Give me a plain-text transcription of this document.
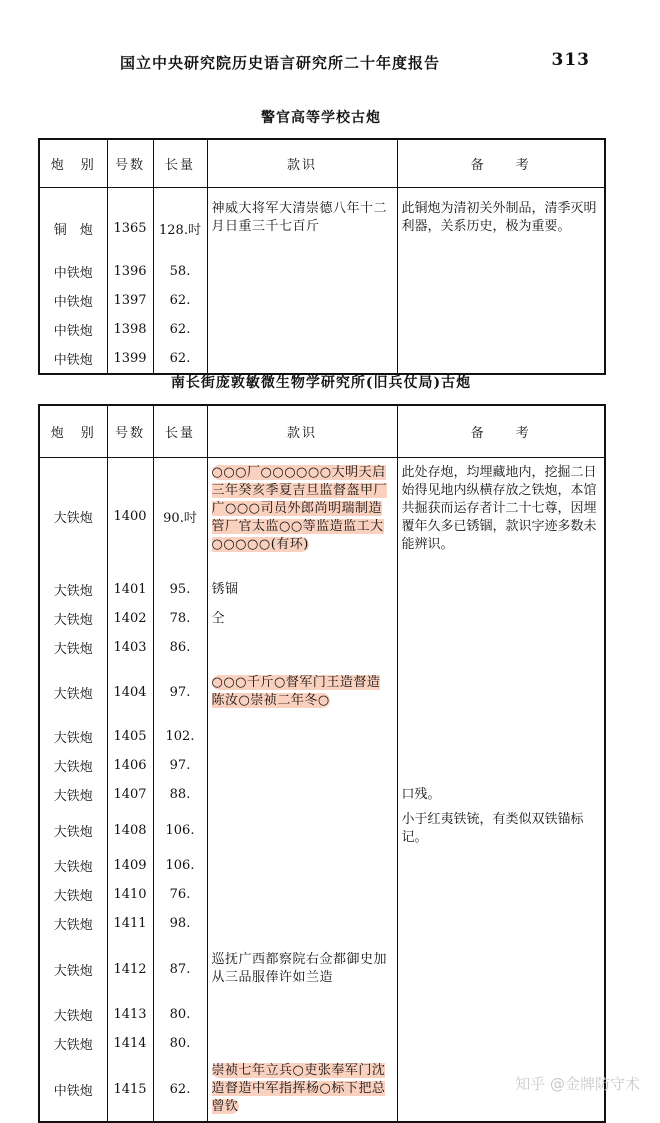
国立中央研究院历史语言研究所二十年度报告	313
警官高等学校古炮
炮　别	号数	长量	款识	备　　考
铜　炮	1365	128.吋	神威大将军大清崇德八年十二月日重三千七百斤	此铜炮为清初关外制品，清季灭明利器，关系历史，极为重要。
中铁炮	1396	58.		
中铁炮	1397	62.		
中铁炮	1398	62.		
中铁炮	1399	62.		
南长街庞敦敏微生物学研究所(旧兵仗局)古炮
炮　别	号数	长量	款识	备　　考
大铁炮	1400	90.吋	○○○厂○○○○○○大明天启三年癸亥季夏吉旦监督盔甲厂广○○○司员外郎尚明瑞制造管厂官太监○○等监造监工大○○○○○(有环)	此处存炮，均埋藏地内，挖掘二日始得见地内纵横存放之铁炮，本馆共掘获而运存者计二十七尊，因埋覆年久多已锈锢，款识字迹多数未能辨识。
大铁炮	1401	95.	锈锢	
大铁炮	1402	78.	仝	
大铁炮	1403	86.		
大铁炮	1404	97.	○○○千斤○督军门王造督造陈汝○崇祯二年冬○	
大铁炮	1405	102.		
大铁炮	1406	97.		
大铁炮	1407	88.		口残。
大铁炮	1408	106.		小于红夷铁铳，有类似双铁锚标记。
大铁炮	1409	106.		
大铁炮	1410	76.		
大铁炮	1411	98.		
大铁炮	1412	87.	巡抚广西都察院右佥都御史加从三品服俸许如兰造	
大铁炮	1413	80.		
大铁炮	1414	80.		
中铁炮	1415	62.	崇祯七年立兵○吏张奉军门沈造督造中军指挥杨○标下把总曾钦	
知乎 @金牌防守术
